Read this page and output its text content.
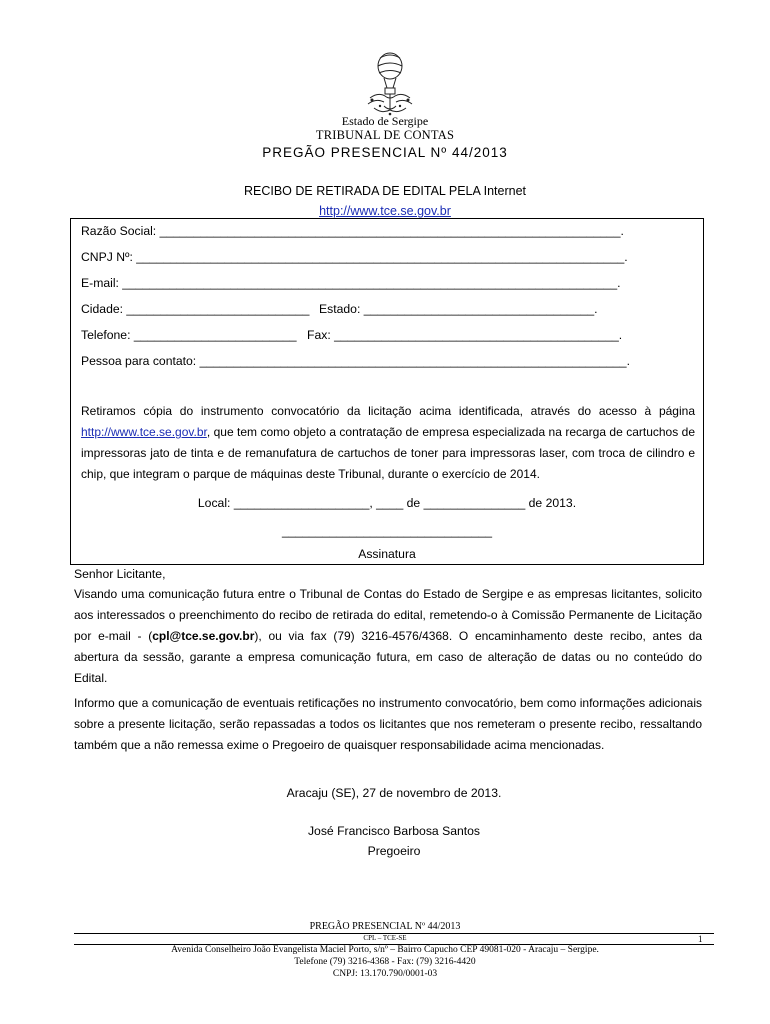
Estado de Sergipe
TRIBUNAL DE CONTAS
PREGÃO PRESENCIAL Nº 44/2013
RECIBO DE RETIRADA DE EDITAL PELA Internet
http://www.tce.se.gov.br
Razão Social: ____________________________________________________________________.
CNPJ Nº: ________________________________________________________________________.
E-mail: _________________________________________________________________________.
Cidade: ___________________________ Estado: __________________________________.
Telefone: ________________________ Fax: __________________________________________.
Pessoa para contato: _______________________________________________________________.
Retiramos cópia do instrumento convocatório da licitação acima identificada, através do acesso à página http://www.tce.se.gov.br, que tem como objeto a contratação de empresa especializada na recarga de cartuchos de impressoras jato de tinta e de remanufatura de cartuchos de toner para impressoras laser, com troca de cilindro e chip, que integram o parque de máquinas deste Tribunal, durante o exercício de 2014.
Local: ____________________, ____ de _______________ de 2013.
_______________________________
Assinatura
Senhor Licitante,
Visando uma comunicação futura entre o Tribunal de Contas do Estado de Sergipe e as empresas licitantes, solicito aos interessados o preenchimento do recibo de retirada do edital, remetendo-o à Comissão Permanente de Licitação por e-mail - (cpl@tce.se.gov.br), ou via fax (79) 3216-4576/4368. O encaminhamento deste recibo, antes da abertura da sessão, garante a empresa comunicação futura, em caso de alteração de datas ou no conteúdo do Edital.
Informo que a comunicação de eventuais retificações no instrumento convocatório, bem como informações adicionais sobre a presente licitação, serão repassadas a todos os licitantes que nos remeteram o presente recibo, ressaltando também que a não remessa exime o Pregoeiro de quaisquer responsabilidade acima mencionadas.
Aracaju (SE), 27 de novembro de 2013.
José Francisco Barbosa Santos
Pregoeiro
PREGÃO PRESENCIAL Nº 44/2013
CPL – TCE-SE	1
Avenida Conselheiro João Evangelista Maciel Porto, s/nº – Bairro Capucho CEP 49081-020 - Aracaju – Sergipe.
Telefone (79) 3216-4368 - Fax: (79) 3216-4420
CNPJ: 13.170.790/0001-03
